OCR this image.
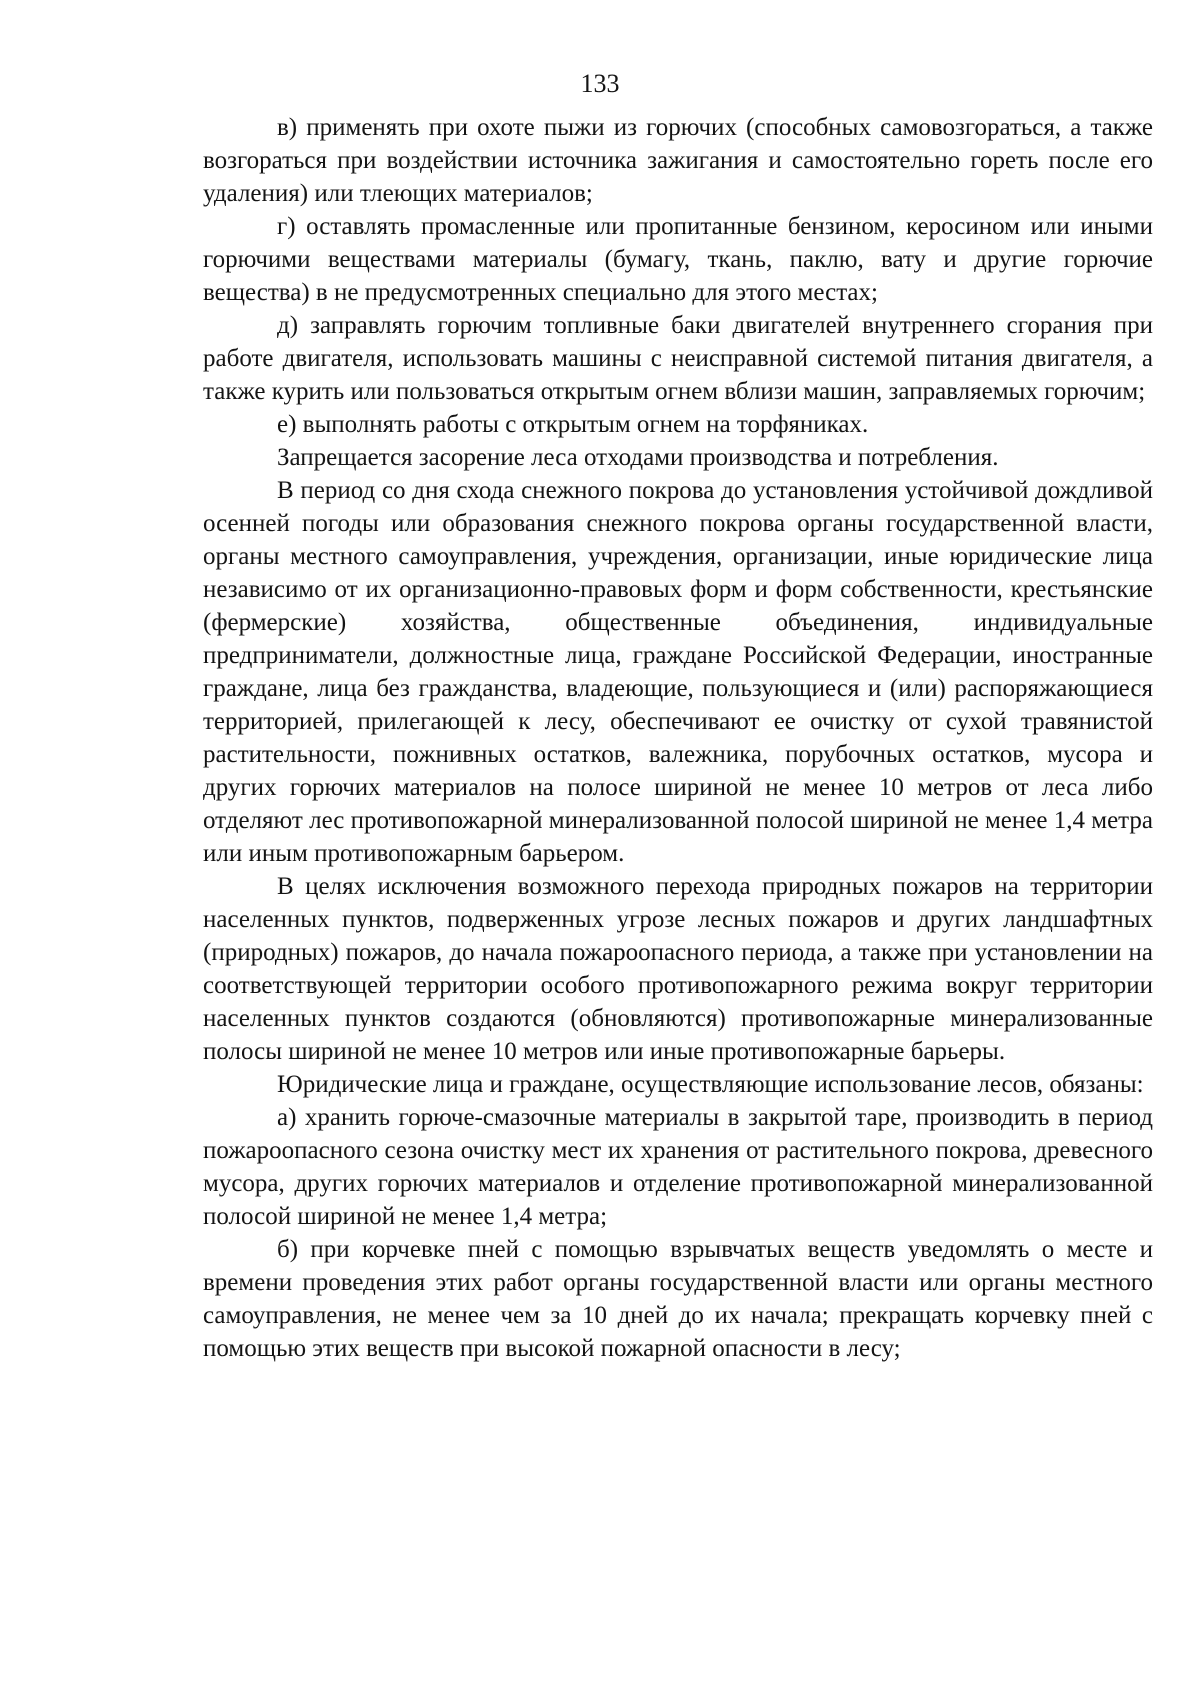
133

в) применять при охоте пыжи из горючих (способных самовозгораться, а также возгораться при воздействии источника зажигания и самостоятельно гореть после его удаления) или тлеющих материалов;

г) оставлять промасленные или пропитанные бензином, керосином или иными горючими веществами материалы (бумагу, ткань, паклю, вату и другие горючие вещества) в не предусмотренных специально для этого местах;

д) заправлять горючим топливные баки двигателей внутреннего сгорания при работе двигателя, использовать машины с неисправной системой питания двигателя, а также курить или пользоваться открытым огнем вблизи машин, заправляемых горючим;

е) выполнять работы с открытым огнем на торфяниках.

Запрещается засорение леса отходами производства и потребления.

В период со дня схода снежного покрова до установления устойчивой дождливой осенней погоды или образования снежного покрова органы государственной власти, органы местного самоуправления, учреждения, организации, иные юридические лица независимо от их организационно-правовых форм и форм собственности, крестьянские (фермерские) хозяйства, общественные объединения, индивидуальные предприниматели, должностные лица, граждане Российской Федерации, иностранные граждане, лица без гражданства, владеющие, пользующиеся и (или) распоряжающиеся территорией, прилегающей к лесу, обеспечивают ее очистку от сухой травянистой растительности, пожнивных остатков, валежника, порубочных остатков, мусора и других горючих материалов на полосе шириной не менее 10 метров от леса либо отделяют лес противопожарной минерализованной полосой шириной не менее 1,4 метра или иным противопожарным барьером.

В целях исключения возможного перехода природных пожаров на территории населенных пунктов, подверженных угрозе лесных пожаров и других ландшафтных (природных) пожаров, до начала пожароопасного периода, а также при установлении на соответствующей территории особого противопожарного режима вокруг территории населенных пунктов создаются (обновляются) противопожарные минерализованные полосы шириной не менее 10 метров или иные противопожарные барьеры.

Юридические лица и граждане, осуществляющие использование лесов, обязаны:

а) хранить горюче-смазочные материалы в закрытой таре, производить в период пожароопасного сезона очистку мест их хранения от растительного покрова, древесного мусора, других горючих материалов и отделение противопожарной минерализованной полосой шириной не менее 1,4 метра;

б) при корчевке пней с помощью взрывчатых веществ уведомлять о месте и времени проведения этих работ органы государственной власти или органы местного самоуправления, не менее чем за 10 дней до их начала; прекращать корчевку пней с помощью этих веществ при высокой пожарной опасности в лесу;
